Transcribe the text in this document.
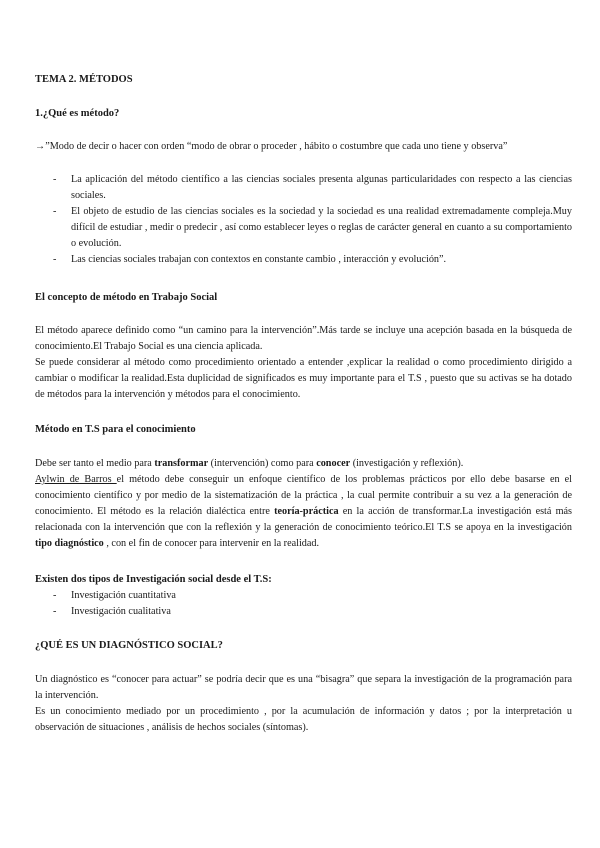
TEMA 2. MÉTODOS
1.¿Qué es método?
→”Modo de decir o hacer con orden “modo de obrar o proceder , hábito o costumbre que cada uno tiene y observa”
- La aplicación del método científico a las ciencias sociales presenta algunas particularidades con respecto a las ciencias sociales.
- El objeto de estudio de las ciencias sociales es la sociedad y la sociedad es una realidad extremadamente compleja.Muy difícil de estudiar , medir o predecir , así como establecer leyes o reglas de carácter general en cuanto a su comportamiento o evolución.
- Las ciencias sociales trabajan con contextos en constante cambio , interacción y evolución”.
El concepto de método en Trabajo Social
El método aparece definido como “un camino para la intervención”.Más tarde se incluye una acepción basada en la búsqueda de conocimiento.El Trabajo Social es una ciencia aplicada.
Se puede considerar al método como procedimiento orientado a entender ,explicar la realidad o como procedimiento dirigido a cambiar o modificar la realidad.Esta duplicidad de significados es muy importante para el T.S , puesto que su activas se ha dotado de métodos para la intervención y métodos para el conocimiento.
Método en T.S para el conocimiento
Debe ser tanto el medio para transformar (intervención) como para conocer (investigación y reflexión).
Aylwin de Barros el método debe conseguir un enfoque científico de los problemas prácticos por ello debe basarse en el conocimiento científico y por medio de la sistematización de la práctica , la cual permite contribuir a su vez a la generación de conocimiento. El método es la relación dialéctica entre teoría-práctica en la acción de transformar.La investigación está más relacionada con la intervención que con la reflexión y la generación de conocimiento teórico.El T.S se apoya en la investigación tipo diagnóstico , con el fin de conocer para intervenir en la realidad.
Existen dos tipos de Investigación social desde el T.S:
- Investigación cuantitativa
- Investigación cualitativa
¿QUÉ ES UN DIAGNÓSTICO SOCIAL?
Un diagnóstico es “conocer para actuar” se podría decir que es una “bisagra” que separa la investigación de la programación para la intervención.
Es un conocimiento mediado por un procedimiento , por la acumulación de información y datos ; por la interpretación u observación de situaciones , análisis de hechos sociales (síntomas).
